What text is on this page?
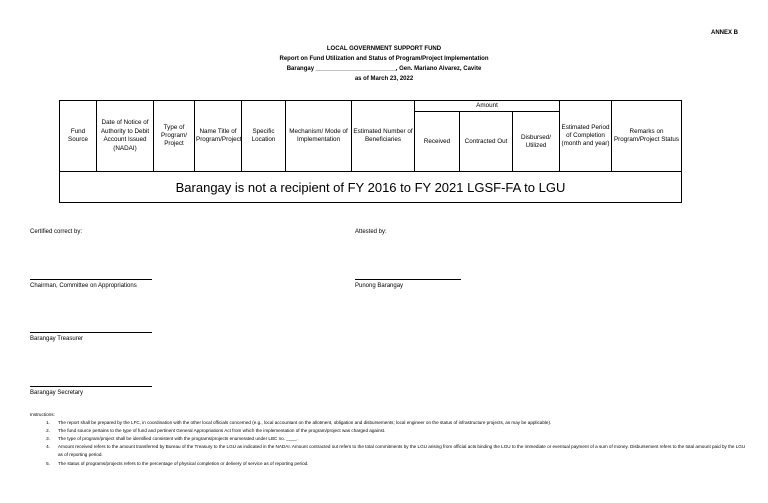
ANNEX B
LOCAL GOVERNMENT SUPPORT FUND
Report on Fund Utilization and Status of Program/Project Implementation
Barangay ________________________, Gen. Mariano Alvarez, Cavite
as of March 23, 2022
Fund Source	Date of Notice of Authority to Debit Account Issued (NADAI)	Type of Program/ Project	Name Title of Program/Project	Specific Location	Mechanism/ Mode of Implementation	Estimated Number of Beneficiaries	Amount			Estimated Period of Completion (month and year)	Remarks on Program/Project Status
							Received	Contracted Out	Disbursed/ Utilized		
Barangay is not a recipient of FY 2016 to FY 2021 LGSF-FA to LGU											
Certified correct by:	Attested by:
Chairman, Committee on Appropriations	Punong Barangay
Barangay Treasurer
Barangay Secretary
Instructions:
1.	The report shall be prepared by the LFC, in coordination with the other local officials concerned (e.g., local accountant on the allotment, obligation and disbursements; local engineer on the status of infrastructure projects, as may be applicable).
2.	The fund source pertains to the type of fund and pertinent General Appropriations Act from which the implementation of the program/project was charged against.
3.	The type of program/project shall be identified consistent with the programs/projects enumerated under LBC no. ____.
4.	Amount received refers to the amount transferred by Bureau of the Treasury to the LGU as indicated in the NADAI. Amount contracted out refers to the total commitments by the LGU arising from official acts binding the LGU to the immediate or eventual payment of a sum of money. Disbursement refers to the total amount paid by the LGU as of reporting period.
5.	The status of programs/projects refers to the percentage of physical completion or delivery of service as of reporting period.
